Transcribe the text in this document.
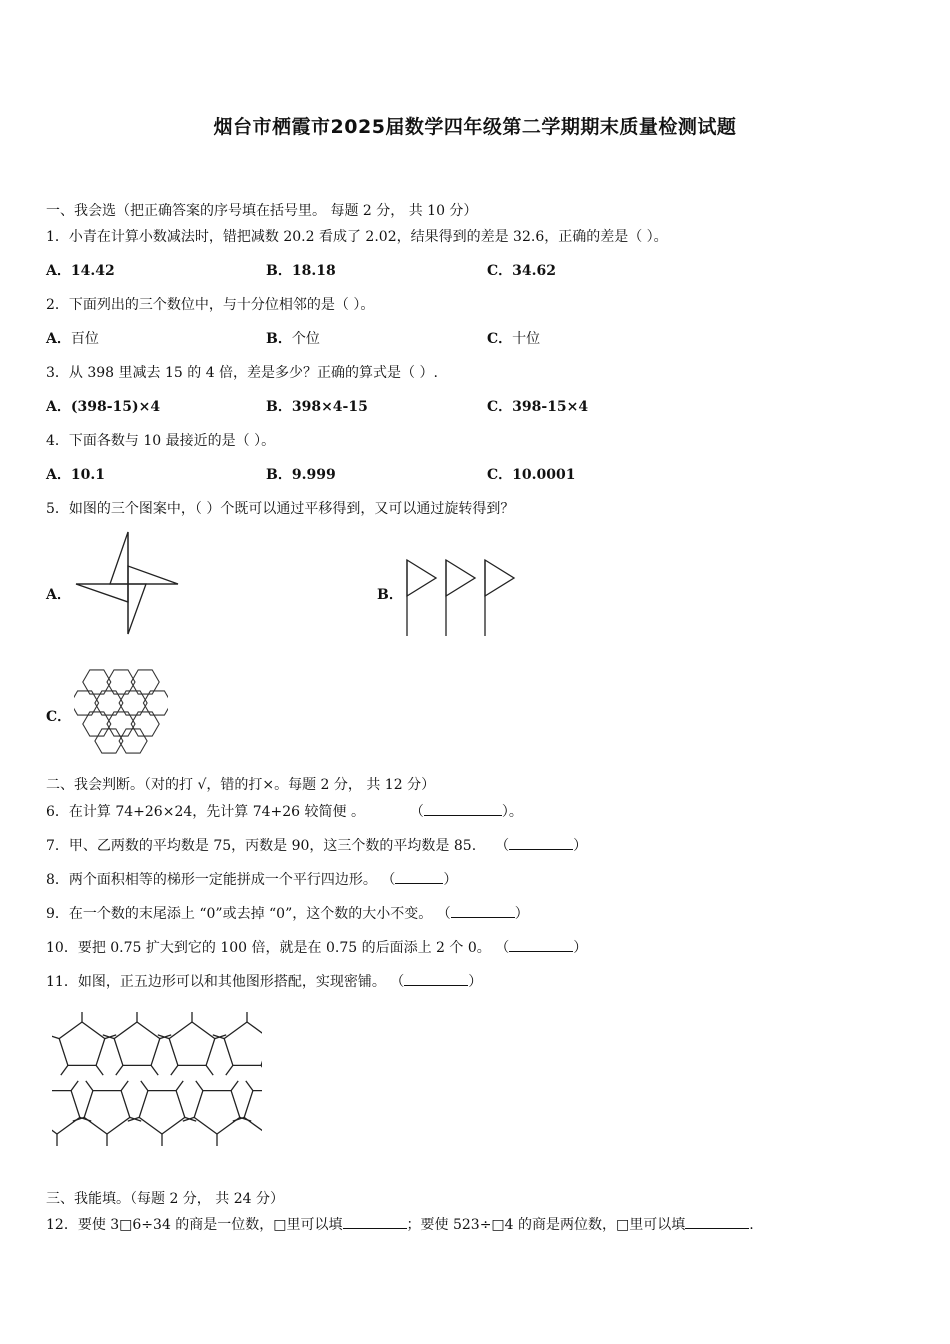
烟台市栖霞市2025届数学四年级第二学期期末质量检测试题
一、我会选（把正确答案的序号填在括号里。 每题 2 分， 共 10 分）
1．小青在计算小数减法时，错把减数 20.2 看成了 2.02，结果得到的差是 32.6，正确的差是（ ）。
A．14.42	B．18.18	C．34.62
2．下面列出的三个数位中，与十分位相邻的是（ ）。
A．百位	B．个位	C．十位
3．从 398 里减去 15 的 4 倍，差是多少？正确的算式是（ ）.
A．(398-15)×4	B．398×4-15	C．398-15×4
4．下面各数与 10 最接近的是（ ）。
A．10.1	B．9.999	C．10.0001
5．如图的三个图案中，（ ）个既可以通过平移得到，又可以通过旋转得到？
A．	B．
C．
二、我会判断。（对的打 √，错的打×。每题 2 分， 共 12 分）
6．在计算 74+26×24，先计算 74+26 较简便 。	（	）。
7．甲、乙两数的平均数是 75，丙数是 90，这三个数的平均数是 85. （	）
8．两个面积相等的梯形一定能拼成一个平行四边形。 （	）
9．在一个数的末尾添上 “0”或去掉 “0”，这个数的大小不变。 （	）
10．要把 0.75 扩大到它的 100 倍，就是在 0.75 的后面添上 2 个 0。 （	）
11．如图，正五边形可以和其他图形搭配，实现密铺。 （	）
三、我能填。（每题 2 分， 共 24 分）
12．要使 3□6÷34 的商是一位数，□里可以填	；要使 523÷□4 的商是两位数，□里可以填	.
